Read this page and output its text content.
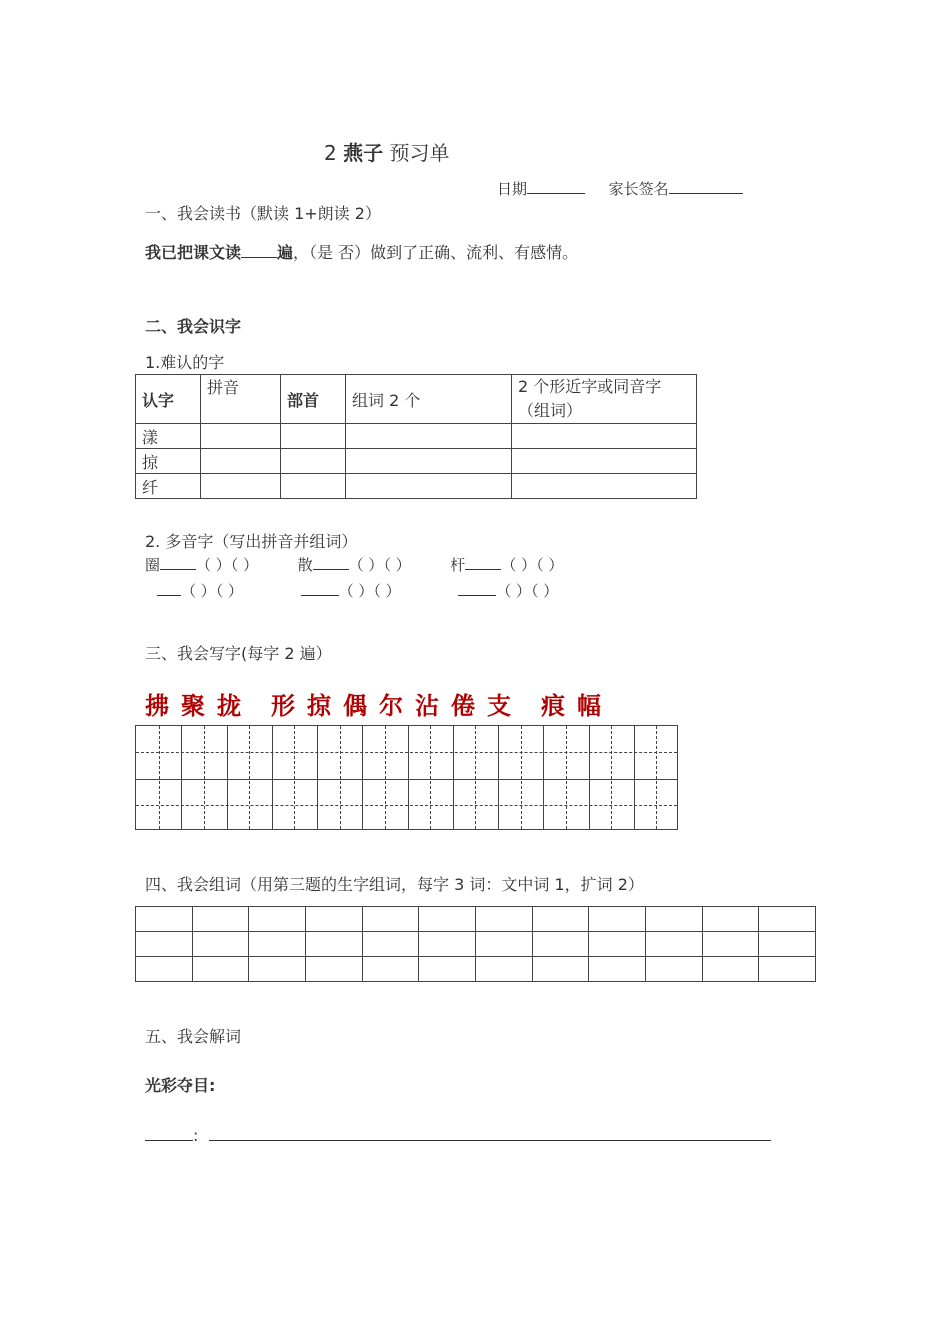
2 燕子 预习单
日期	家长签名
一、我会读书（默读 1+朗读 2）
我已把课文读 遍，（是 否）做到了正确、流利、有感情。
二、我会识字
1.难认的字
认字	拼音	部首	组词 2 个	2 个形近字或同音字（组词）
漾				
掠				
纤				
2. 多音字（写出拼音并组词）
圈 （ ）（ ）	散 （ ）（ ）	杆 （ ）（ ）
（ ）（ ）	（ ）（ ）	（ ）（ ）
三、我会写字(每字 2 遍）
拂 聚 拢 形 掠 偶 尔 沾 倦 支 痕 幅
四、我会组词（用第三题的生字组词，每字 3 词：文中词 1，扩词 2）

五、我会解词
光彩夺目:
:
